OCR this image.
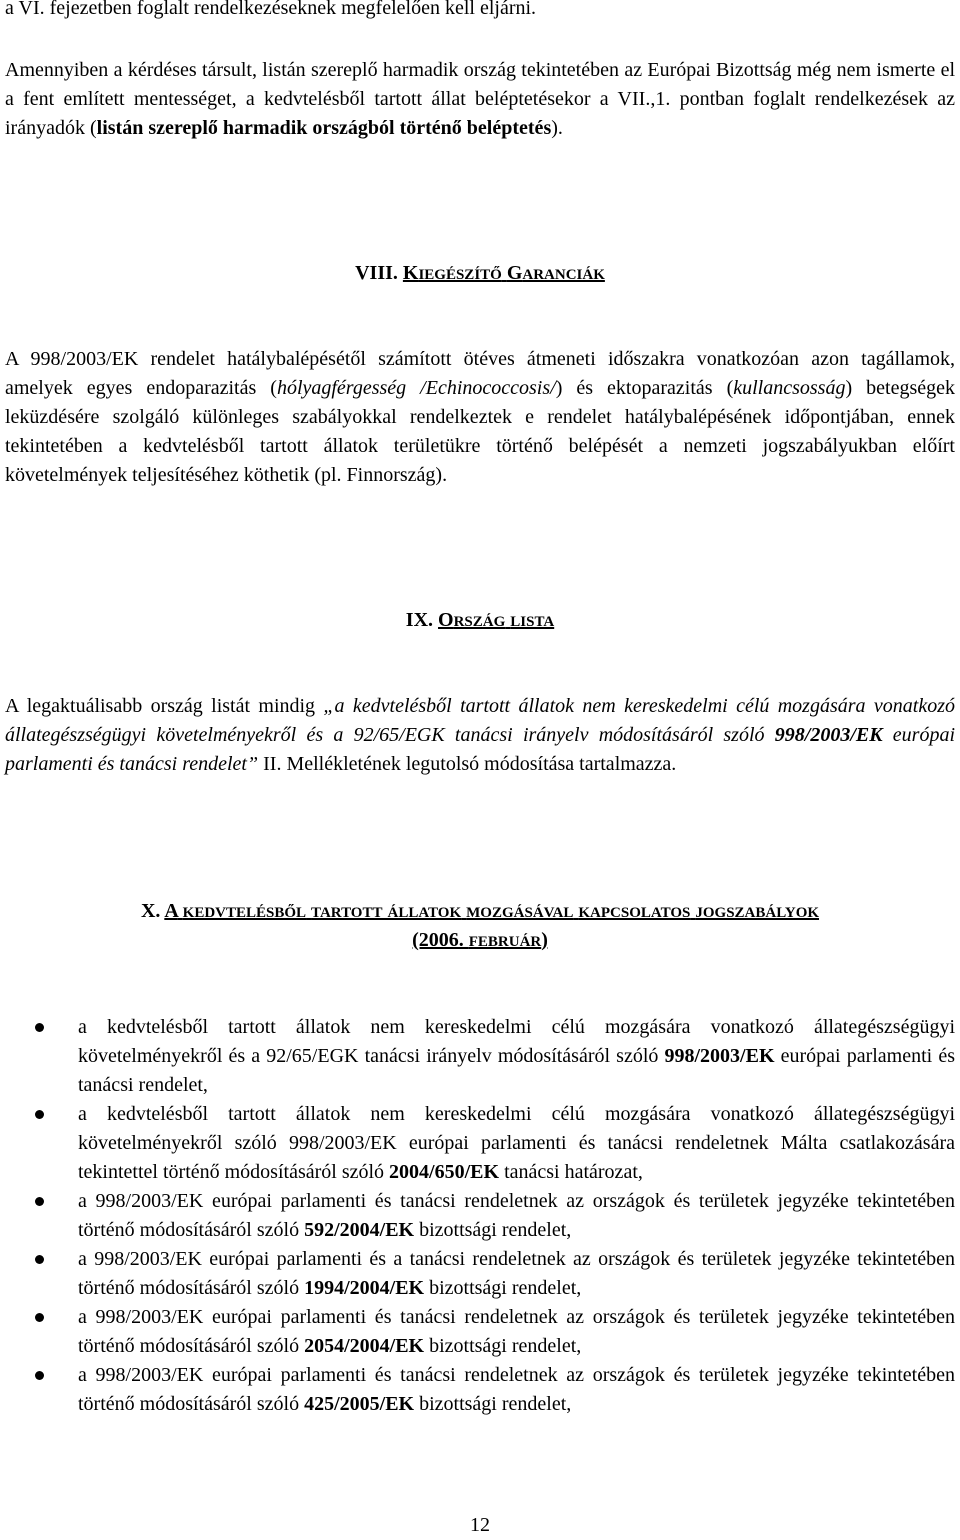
a VI. fejezetben foglalt rendelkezéseknek megfelelően kell eljárni.

Amennyiben a kérdéses társult, listán szereplő harmadik ország tekintetében az Európai Bizottság még nem ismerte el a fent említett mentességet, a kedvtelésből tartott állat beléptetésekor a VII.,1. pontban foglalt rendelkezések az irányadók (listán szereplő harmadik országból történő beléptetés).

VIII. KIEGÉSZÍTŐ GARANCIÁK

A 998/2003/EK rendelet hatálybalépésétől számított ötéves átmeneti időszakra vonatkozóan azon tagállamok, amelyek egyes endoparazitás (hólyagférgesség /Echinococcosis/) és ektoparazitás (kullancsosság) betegségek leküzdésére szolgáló különleges szabályokkal rendelkeztek e rendelet hatálybalépésének időpontjában, ennek tekintetében a kedvtelésből tartott állatok területükre történő belépését a nemzeti jogszabályukban előírt követelmények teljesítéséhez köthetik (pl. Finnország).

IX. ORSZÁG LISTA

A legaktuálisabb ország listát mindig „a kedvtelésből tartott állatok nem kereskedelmi célú mozgására vonatkozó állategészségügyi követelményekről és a 92/65/EGK tanácsi irányelv módosításáról szóló 998/2003/EK európai parlamenti és tanácsi rendelet” II. Mellékletének legutolsó módosítása tartalmazza.

X. A KEDVTELÉSBŐL TARTOTT ÁLLATOK MOZGÁSÁVAL KAPCSOLATOS JOGSZABÁLYOK
(2006. FEBRUÁR)
a kedvtelésből tartott állatok nem kereskedelmi célú mozgására vonatkozó állategészségügyi követelményekről és a 92/65/EGK tanácsi irányelv módosításáról szóló 998/2003/EK európai parlamenti és tanácsi rendelet,
a kedvtelésből tartott állatok nem kereskedelmi célú mozgására vonatkozó állategészségügyi követelményekről szóló 998/2003/EK európai parlamenti és tanácsi rendeletnek Málta csatlakozására tekintettel történő módosításáról szóló 2004/650/EK tanácsi határozat,
a 998/2003/EK európai parlamenti és tanácsi rendeletnek az országok és területek jegyzéke tekintetében történő módosításáról szóló 592/2004/EK bizottsági rendelet,
a 998/2003/EK európai parlamenti és a tanácsi rendeletnek az országok és területek jegyzéke tekintetében történő módosításáról szóló 1994/2004/EK bizottsági rendelet,
a 998/2003/EK európai parlamenti és tanácsi rendeletnek az országok és területek jegyzéke tekintetében történő módosításáról szóló 2054/2004/EK bizottsági rendelet,
a 998/2003/EK európai parlamenti és tanácsi rendeletnek az országok és területek jegyzéke tekintetében történő módosításáról szóló 425/2005/EK bizottsági rendelet,
12
